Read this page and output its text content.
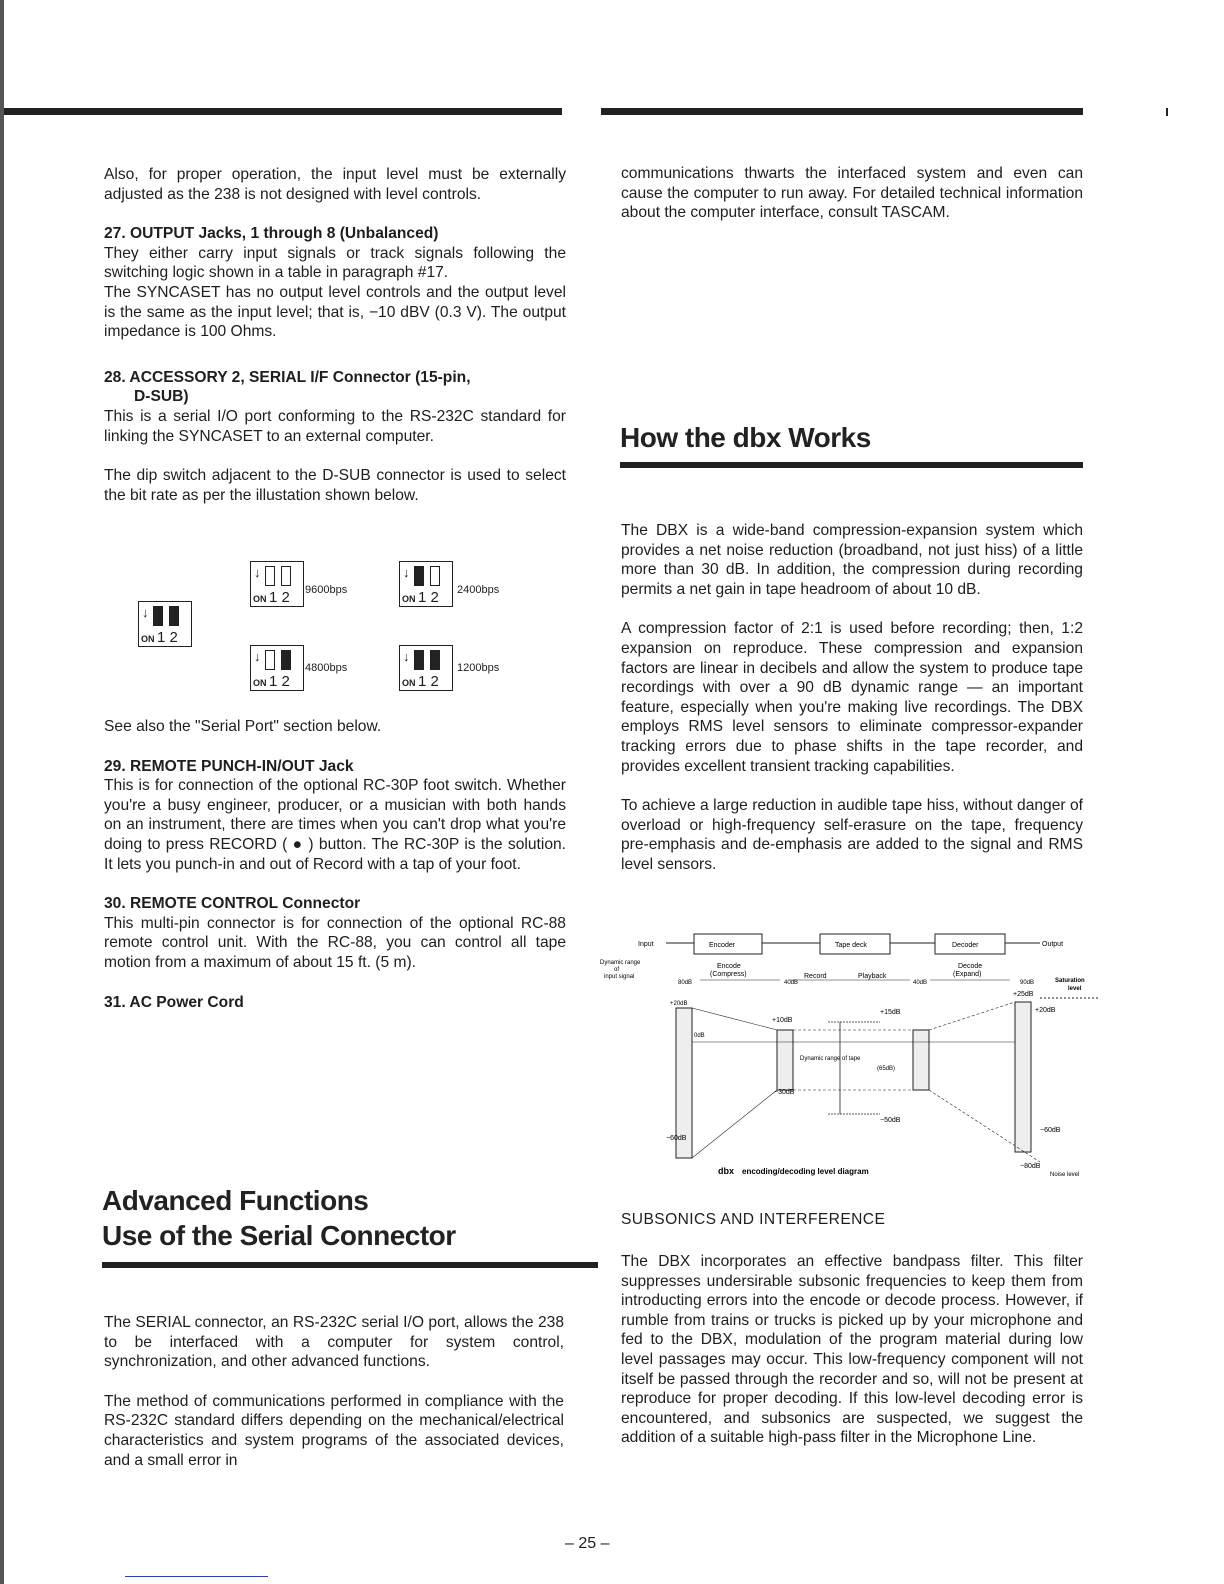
Also, for proper operation, the input level must be externally adjusted as the 238 is not designed with level controls.

27. OUTPUT Jacks, 1 through 8 (Unbalanced)

They either carry input signals or track signals following the switching logic shown in a table in paragraph #17.

The SYNCASET has no output level controls and the output level is the same as the input level; that is, −10 dBV (0.3 V). The output impedance is 100 Ohms.

28. ACCESSORY 2, SERIAL I/F Connector (15-pin,
D-SUB)

This is a serial I/O port conforming to the RS-232C standard for linking the SYNCASET to an external computer.

The dip switch adjacent to the D-SUB connector is used to select the bit rate as per the illustation shown below.

↓
ON 1 2
↓
ON 1 2 9600bps
↓
ON 1 2 2400bps
↓
ON 1 2
4800bps
↓
ON 1 2
1200bps

See also the "Serial Port" section below.

29. REMOTE PUNCH-IN/OUT Jack

This is for connection of the optional RC-30P foot switch. Whether you're a busy engineer, producer, or a musician with both hands on an instrument, there are times when you can't drop what you're doing to press RECORD ( ● ) button. The RC-30P is the solution. It lets you punch-in and out of Record with a tap of your foot.

30. REMOTE CONTROL Connector

This multi-pin connector is for connection of the optional RC-88 remote control unit. With the RC-88, you can control all tape motion from a maximum of about 15 ft. (5 m).

31. AC Power Cord
Advanced Functions
Use of the Serial Connector

The SERIAL connector, an RS-232C serial I/O port, allows the 238 to be interfaced with a computer for system control, synchronization, and other advanced functions.

The method of communications performed in compliance with the RS-232C standard differs depending on the mechanical/electrical characteristics and system programs of the associated devices, and a small error in

communications thwarts the interfaced system and even can cause the computer to run away. For detailed technical information about the computer interface, consult TASCAM.

How the dbx Works

The DBX is a wide-band compression-expansion system which provides a net noise reduction (broadband, not just hiss) of a little more than 30 dB. In addition, the compression during recording permits a net gain in tape headroom of about 10 dB.

A compression factor of 2:1 is used before recording; then, 1:2 expansion on reproduce. These compression and expansion factors are linear in decibels and allow the system to produce tape recordings with over a 90 dB dynamic range — an important feature, especially when you're making live recordings. The DBX employs RMS level sensors to eliminate compressor-expander tracking errors due to phase shifts in the tape recorder, and provides excellent transient tracking capabilities.

To achieve a large reduction in audible tape hiss, without danger of overload or high-frequency self-erasure on the tape, frequency pre-emphasis and de-emphasis are added to the signal and RMS level sensors.

Input	Encoder	Tape deck	Decoder	Output
Dynamic range
of
input signal
Encode
(Compress)	Record	Playback
Decode
(Expand)
80dB	40dB	40dB	90dB	Saturation
level
+25dB
+20dB
+20dB
+10dB
+15dB
0dB
Dynamic range of tape
(65dB)
−30dB
−50dB
−60dB
−60dB
−80dB
Noise level
dbx encoding/decoding level diagram
SUBSONICS AND INTERFERENCE

The DBX incorporates an effective bandpass filter. This filter suppresses undersirable subsonic frequencies to keep them from introducting errors into the encode or decode process. However, if rumble from trains or trucks is picked up by your microphone and fed to the DBX, modulation of the program material during low level passages may occur. This low-frequency component will not itself be passed through the recorder and so, will not be present at reproduce for proper decoding. If this low-level decoding error is encountered, and subsonics are suspected, we suggest the addition of a suitable high-pass filter in the Microphone Line.

– 25 –
